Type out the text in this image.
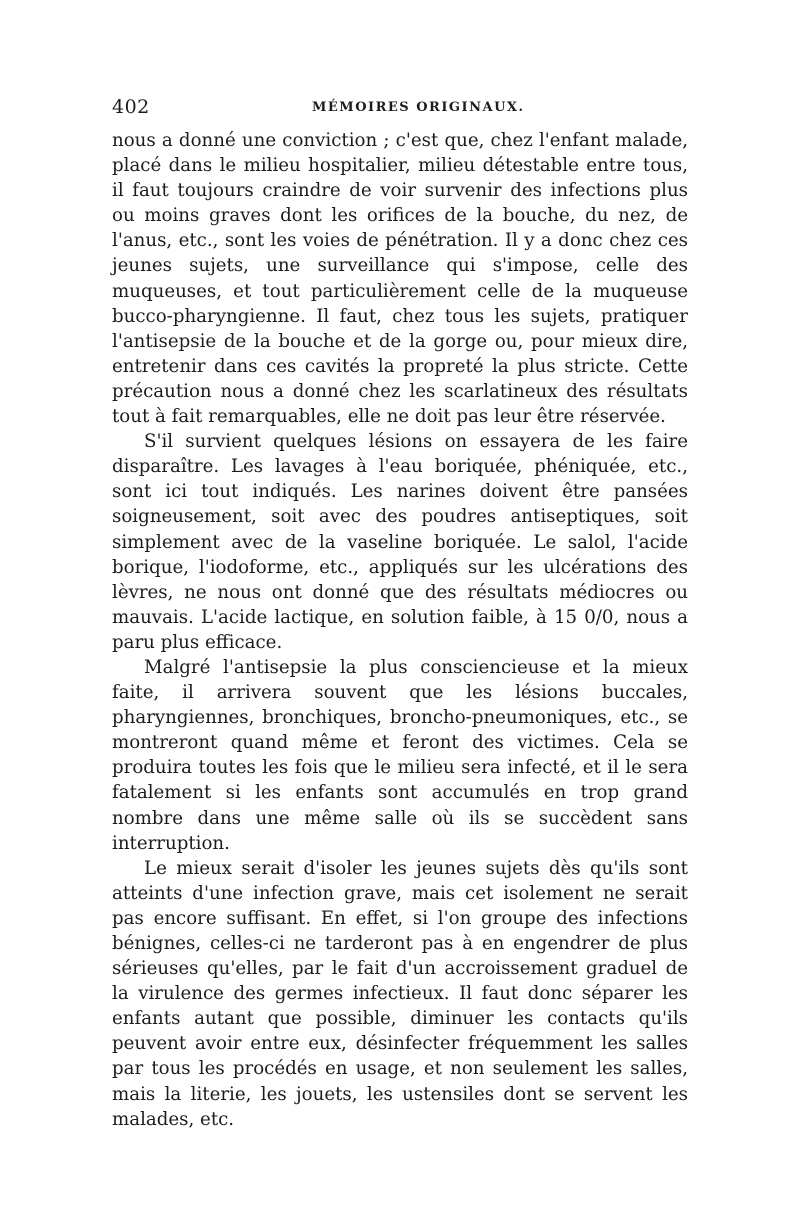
402	MÉMOIRES ORIGINAUX.

nous a donné une conviction ; c'est que, chez l'enfant malade, placé dans le milieu hospitalier, milieu détestable entre tous, il faut toujours craindre de voir survenir des infections plus ou moins graves dont les orifices de la bouche, du nez, de l'anus, etc., sont les voies de pénétration. Il y a donc chez ces jeunes sujets, une surveillance qui s'impose, celle des muqueuses, et tout particulièrement celle de la muqueuse bucco-pharyngienne. Il faut, chez tous les sujets, pratiquer l'antisepsie de la bouche et de la gorge ou, pour mieux dire, entretenir dans ces cavités la propreté la plus stricte. Cette précaution nous a donné chez les scarlatineux des résultats tout à fait remarquables, elle ne doit pas leur être réservée.

S'il survient quelques lésions on essayera de les faire disparaître. Les lavages à l'eau boriquée, phéniquée, etc., sont ici tout indiqués. Les narines doivent être pansées soigneusement, soit avec des poudres antiseptiques, soit simplement avec de la vaseline boriquée. Le salol, l'acide borique, l'iodoforme, etc., appliqués sur les ulcérations des lèvres, ne nous ont donné que des résultats médiocres ou mauvais. L'acide lactique, en solution faible, à 15 0/0, nous a paru plus efficace.

Malgré l'antisepsie la plus consciencieuse et la mieux faite, il arrivera souvent que les lésions buccales, pharyngiennes, bronchiques, broncho-pneumoniques, etc., se montreront quand même et feront des victimes. Cela se produira toutes les fois que le milieu sera infecté, et il le sera fatalement si les enfants sont accumulés en trop grand nombre dans une même salle où ils se succèdent sans interruption.

Le mieux serait d'isoler les jeunes sujets dès qu'ils sont atteints d'une infection grave, mais cet isolement ne serait pas encore suffisant. En effet, si l'on groupe des infections bénignes, celles-ci ne tarderont pas à en engendrer de plus sérieuses qu'elles, par le fait d'un accroissement graduel de la virulence des germes infectieux. Il faut donc séparer les enfants autant que possible, diminuer les contacts qu'ils peuvent avoir entre eux, désinfecter fréquemment les salles par tous les procédés en usage, et non seulement les salles, mais la literie, les jouets, les ustensiles dont se servent les malades, etc.
